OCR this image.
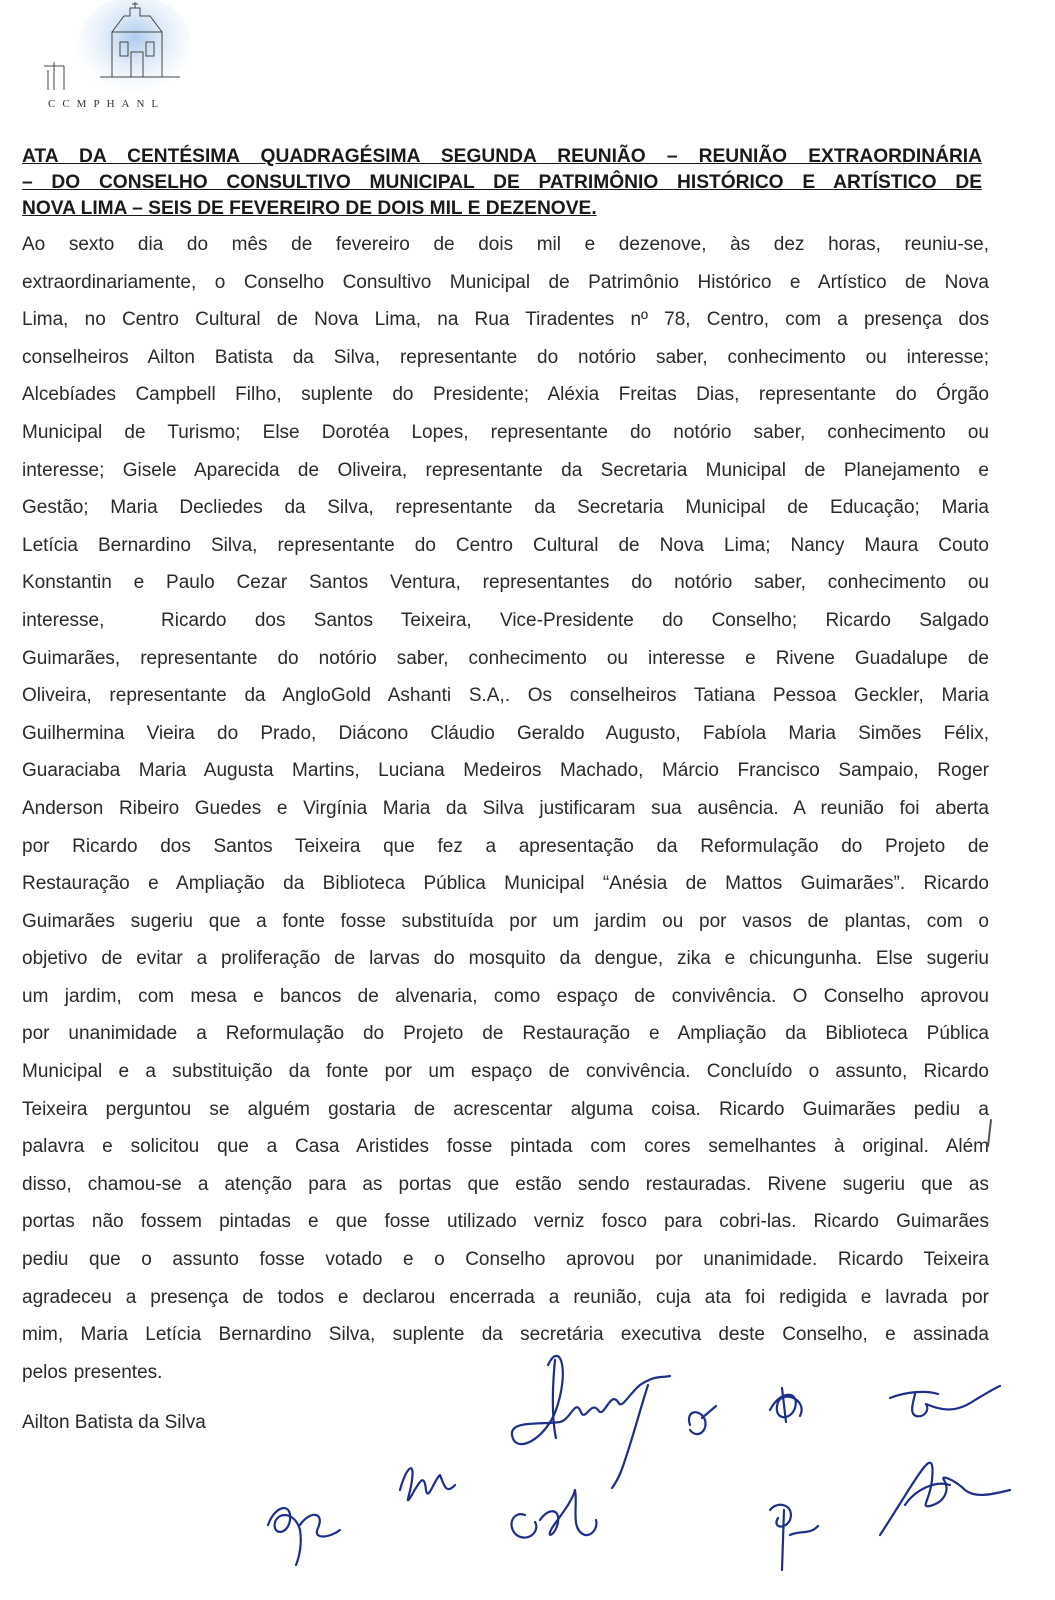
CCMPHANL
ATA DA CENTÉSIMA QUADRAGÉSIMA SEGUNDA REUNIÃO – REUNIÃO EXTRAORDINÁRIA
– DO CONSELHO CONSULTIVO MUNICIPAL DE PATRIMÔNIO HISTÓRICO E ARTÍSTICO DE
NOVA LIMA – SEIS DE FEVEREIRO DE DOIS MIL E DEZENOVE.
Ao sexto dia do mês de fevereiro de dois mil e dezenove, às dez horas, reuniu-se,
extraordinariamente, o Conselho Consultivo Municipal de Patrimônio Histórico e Artístico de Nova
Lima, no Centro Cultural de Nova Lima, na Rua Tiradentes nº 78, Centro, com a presença dos
conselheiros Ailton Batista da Silva, representante do notório saber, conhecimento ou interesse;
Alcebíades Campbell Filho, suplente do Presidente; Aléxia Freitas Dias, representante do Órgão
Municipal de Turismo; Else Dorotéa Lopes, representante do notório saber, conhecimento ou
interesse; Gisele Aparecida de Oliveira, representante da Secretaria Municipal de Planejamento e
Gestão; Maria Decliedes da Silva, representante da Secretaria Municipal de Educação; Maria
Letícia Bernardino Silva, representante do Centro Cultural de Nova Lima; Nancy Maura Couto
Konstantin e Paulo Cezar Santos Ventura, representantes do notório saber, conhecimento ou
interesse,  Ricardo dos Santos Teixeira, Vice-Presidente do Conselho; Ricardo Salgado
Guimarães, representante do notório saber, conhecimento ou interesse e Rivene Guadalupe de
Oliveira, representante da AngloGold Ashanti S.A,. Os conselheiros Tatiana Pessoa Geckler, Maria
Guilhermina Vieira do Prado, Diácono Cláudio Geraldo Augusto, Fabíola Maria Simões Félix,
Guaraciaba Maria Augusta Martins, Luciana Medeiros Machado, Márcio Francisco Sampaio, Roger
Anderson Ribeiro Guedes e Virgínia Maria da Silva justificaram sua ausência. A reunião foi aberta
por Ricardo dos Santos Teixeira que fez a apresentação da Reformulação do Projeto de
Restauração e Ampliação da Biblioteca Pública Municipal “Anésia de Mattos Guimarães”. Ricardo
Guimarães sugeriu que a fonte fosse substituída por um jardim ou por vasos de plantas, com o
objetivo de evitar a proliferação de larvas do mosquito da dengue, zika e chicungunha. Else sugeriu
um jardim, com mesa e bancos de alvenaria, como espaço de convivência. O Conselho aprovou
por unanimidade a Reformulação do Projeto de Restauração e Ampliação da Biblioteca Pública
Municipal e a substituição da fonte por um espaço de convivência. Concluído o assunto, Ricardo
Teixeira perguntou se alguém gostaria de acrescentar alguma coisa. Ricardo Guimarães pediu a
palavra e solicitou que a Casa Aristides fosse pintada com cores semelhantes à original. Além
disso, chamou-se a atenção para as portas que estão sendo restauradas. Rivene sugeriu que as
portas não fossem pintadas e que fosse utilizado verniz fosco para cobri-las. Ricardo Guimarães
pediu que o assunto fosse votado e o Conselho aprovou por unanimidade. Ricardo Teixeira
agradeceu a presença de todos e declarou encerrada a reunião, cuja ata foi redigida e lavrada por
mim, Maria Letícia Bernardino Silva, suplente da secretária executiva deste Conselho, e assinada
pelos presentes.
Ailton Batista da Silva
